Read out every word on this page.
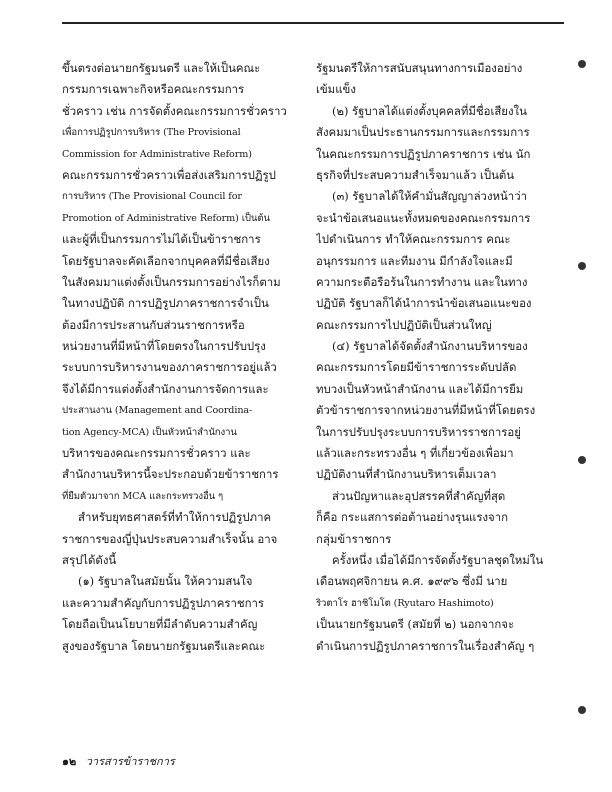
ขึ้นตรงต่อนายกรัฐมนตรี และให้เป็นคณะ
กรรมการเฉพาะกิจหรือคณะกรรมการ
ชั่วคราว เช่น การจัดตั้งคณะกรรมการชั่วคราว
เพื่อการปฏิรูปการบริหาร (The Provisional
Commission for Administrative Reform)
คณะกรรมการชั่วคราวเพื่อส่งเสริมการปฏิรูป
การบริหาร (The Provisional Council for
Promotion of Administrative Reform) เป็นต้น
และผู้ที่เป็นกรรมการไม่ได้เป็นข้าราชการ
โดยรัฐบาลจะคัดเลือกจากบุคคลที่มีชื่อเสียง
ในสังคมมาแต่งตั้งเป็นกรรมการอย่างไรก็ตาม
ในทางปฏิบัติ การปฏิรูปภาคราชการจำเป็น
ต้องมีการประสานกับส่วนราชการหรือ
หน่วยงานที่มีหน้าที่โดยตรงในการปรับปรุง
ระบบการบริหารงานของภาคราชการอยู่แล้ว
จึงได้มีการแต่งตั้งสำนักงานการจัดการและ
ประสานงาน (Management and Coordina-
tion Agency-MCA) เป็นหัวหน้าสำนักงาน
บริหารของคณะกรรมการชั่วคราว และ
สำนักงานบริหารนี้จะประกอบด้วยข้าราชการ
ที่ยืมตัวมาจาก MCA และกระทรวงอื่น ๆ
สำหรับยุทธศาสตร์ที่ทำให้การปฏิรูปภาค
ราชการของญี่ปุ่นประสบความสำเร็จนั้น อาจ
สรุปได้ดังนี้
(๑) รัฐบาลในสมัยนั้น ให้ความสนใจ
และความสำคัญกับการปฏิรูปภาคราชการ
โดยถือเป็นนโยบายที่มีลำดับความสำคัญ
สูงของรัฐบาล โดยนายกรัฐมนตรีและคณะ
รัฐมนตรีให้การสนับสนุนทางการเมืองอย่าง
เข้มแข็ง
(๒) รัฐบาลได้แต่งตั้งบุคคลที่มีชื่อเสียงใน
สังคมมาเป็นประธานกรรมการและกรรมการ
ในคณะกรรมการปฏิรูปภาคราชการ เช่น นัก
ธุรกิจที่ประสบความสำเร็จมาแล้ว เป็นต้น
(๓) รัฐบาลได้ให้คำมั่นสัญญาล่วงหน้าว่า
จะนำข้อเสนอแนะทั้งหมดของคณะกรรมการ
ไปดำเนินการ ทำให้คณะกรรมการ คณะ
อนุกรรมการ และทีมงาน มีกำลังใจและมี
ความกระตือรือร้นในการทำงาน และในทาง
ปฏิบัติ รัฐบาลก็ได้นำการนำข้อเสนอแนะของ
คณะกรรมการไปปฏิบัติเป็นส่วนใหญ่
(๔) รัฐบาลได้จัดตั้งสำนักงานบริหารของ
คณะกรรมการโดยมีข้าราชการระดับปลัด
ทบวงเป็นหัวหน้าสำนักงาน และได้มีการยืม
ตัวข้าราชการจากหน่วยงานที่มีหน้าที่โดยตรง
ในการปรับปรุงระบบการบริหารราชการอยู่
แล้วและกระทรวงอื่น ๆ ที่เกี่ยวข้องเพื่อมา
ปฏิบัติงานที่สำนักงานบริหารเต็มเวลา
ส่วนปัญหาและอุปสรรคที่สำคัญที่สุด
ก็คือ กระแสการต่อต้านอย่างรุนแรงจาก
กลุ่มข้าราชการ
ครั้งหนึ่ง เมื่อได้มีการจัดตั้งรัฐบาลชุดใหม่ใน
เดือนพฤศจิกายน ค.ศ. ๑๙๙๖ ซึ่งมี นาย
ริวตาโร ฮาชิโมโต (Ryutaro Hashimoto)
เป็นนายกรัฐมนตรี (สมัยที่ ๒) นอกจากจะ
ดำเนินการปฏิรูปภาคราชการในเรื่องสำคัญ ๆ
๑๒ วารสารข้าราชการ
